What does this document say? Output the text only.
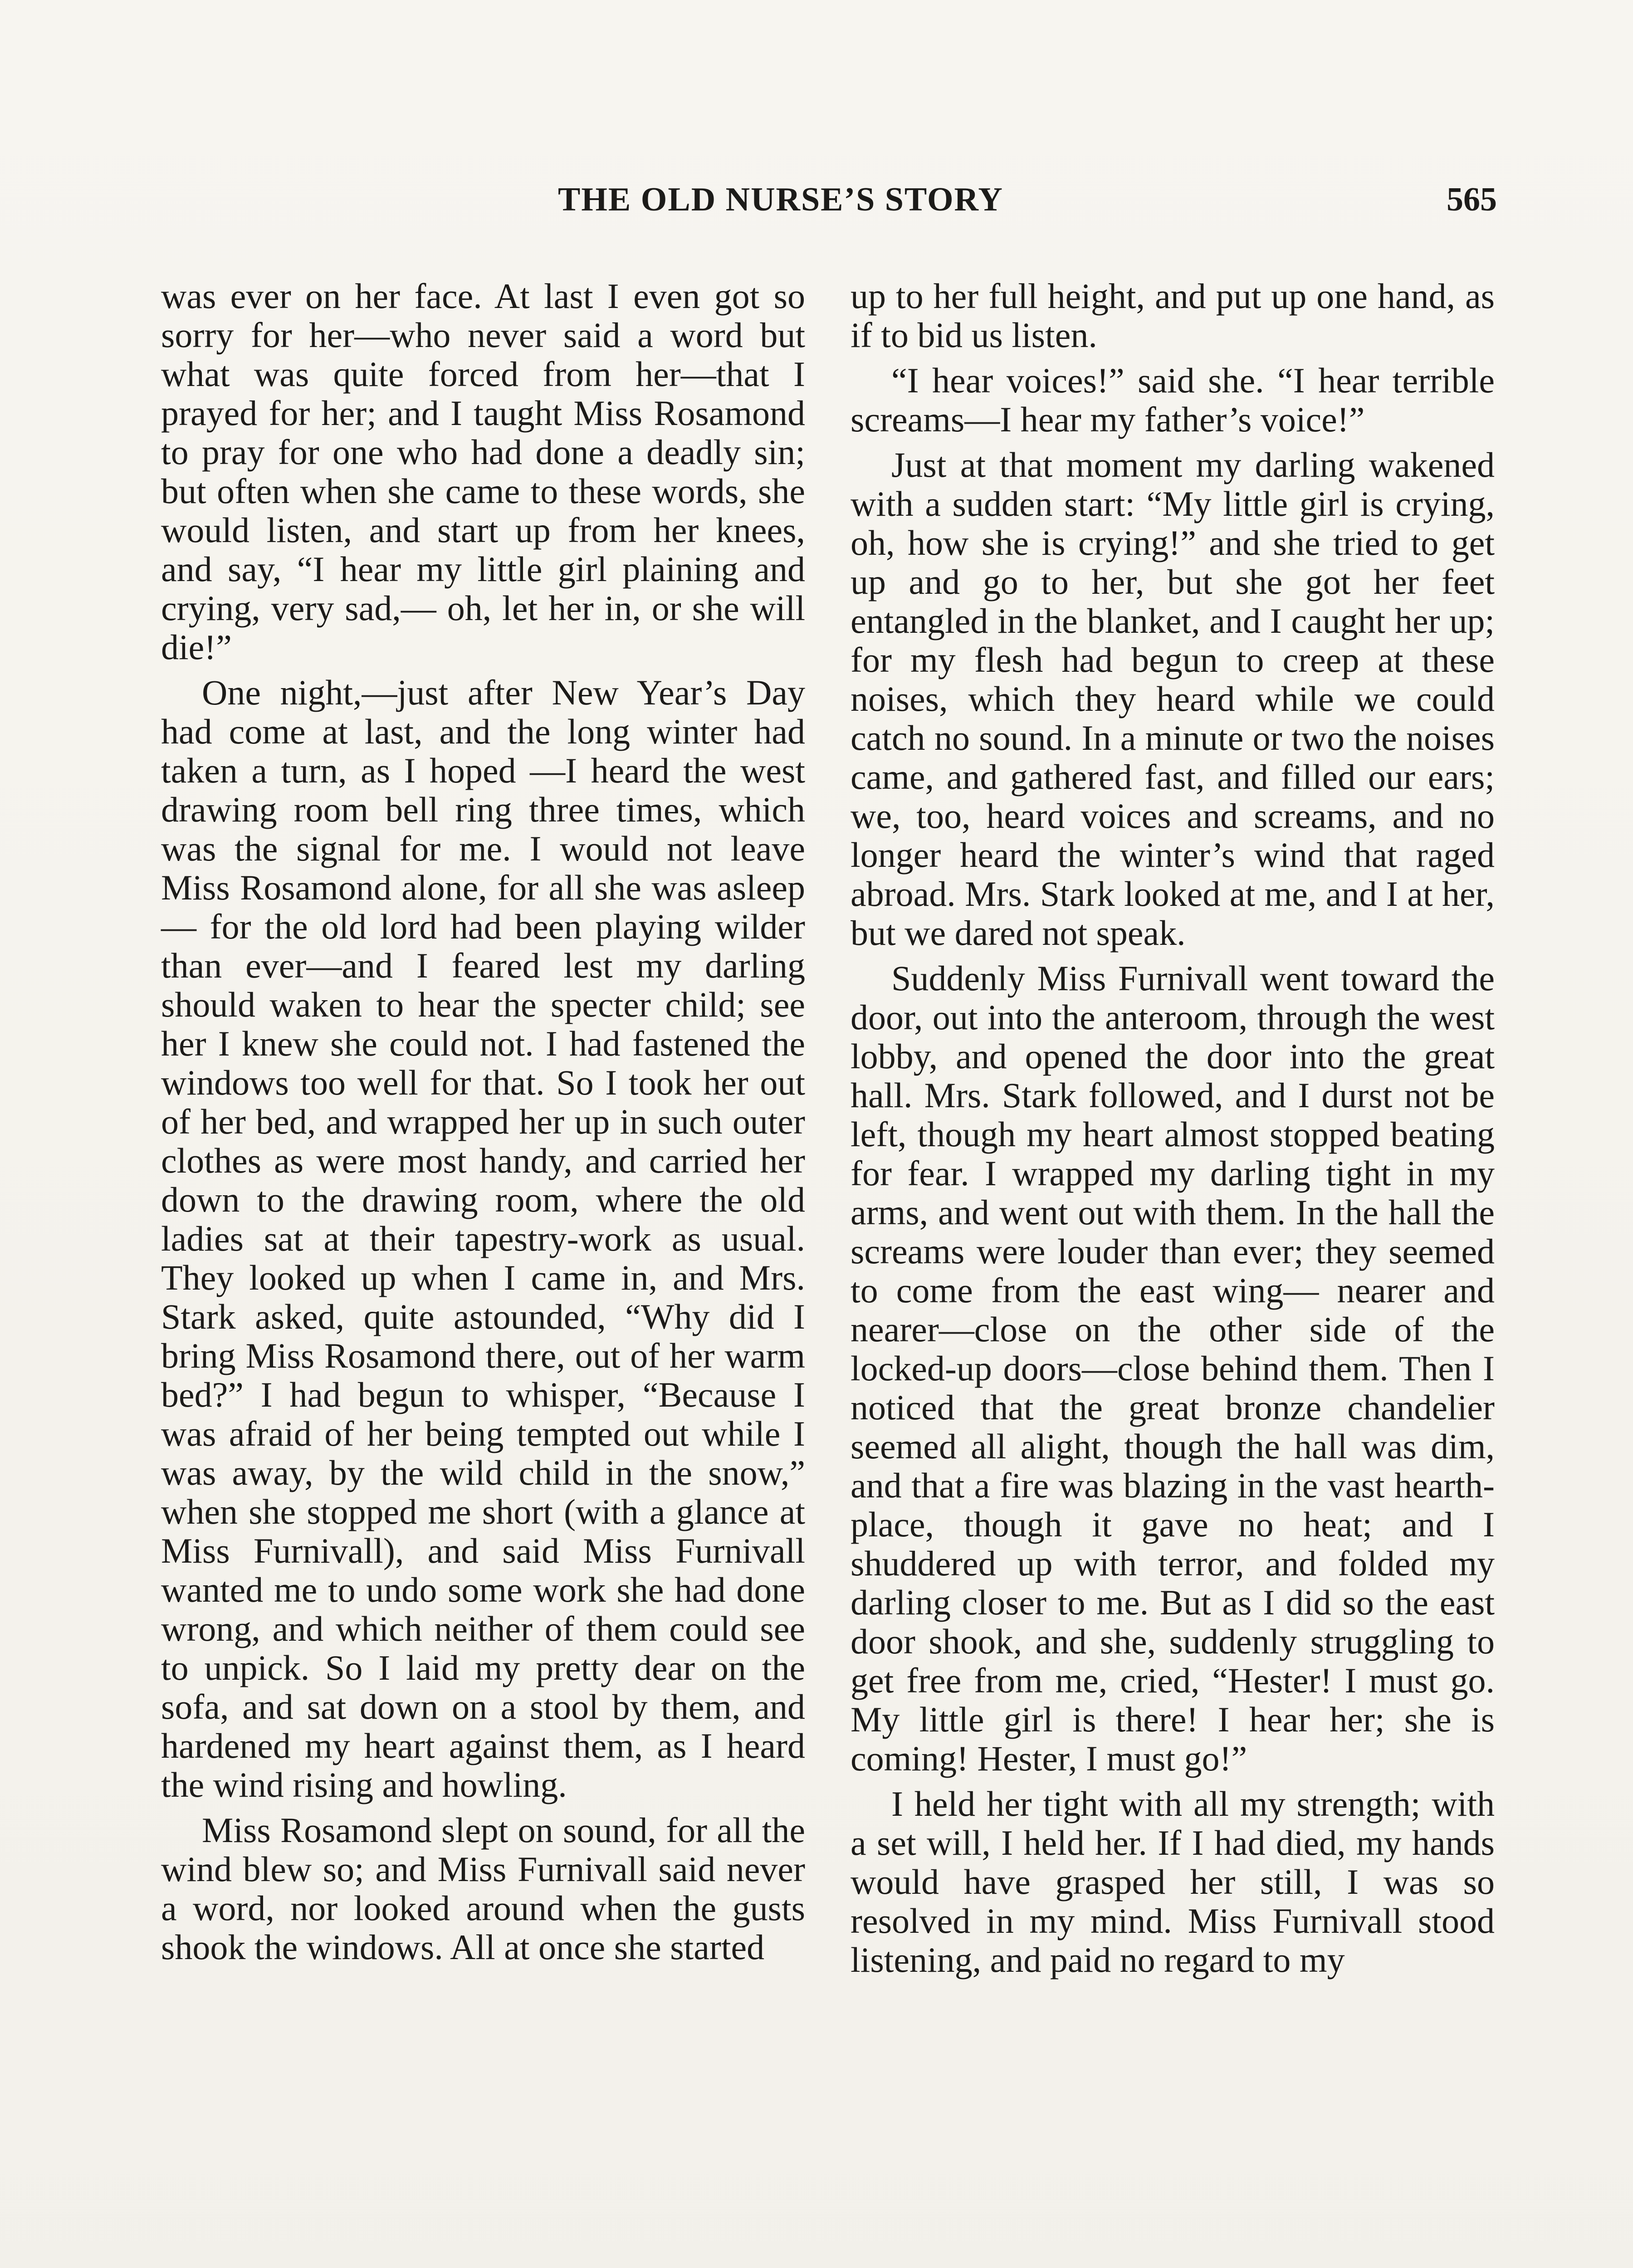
THE OLD NURSE’S STORY	565

was ever on her face. At last I even got so sorry for her—who never said a word but what was quite forced from her—that I prayed for her; and I taught Miss Rosamond to pray for one who had done a deadly sin; but often when she came to these words, she would listen, and start up from her knees, and say, “I hear my little girl plaining and crying, very sad,— oh, let her in, or she will die!”

One night,—just after New Year’s Day had come at last, and the long winter had taken a turn, as I hoped —I heard the west drawing room bell ring three times, which was the signal for me. I would not leave Miss Rosamond alone, for all she was asleep— for the old lord had been playing wilder than ever—and I feared lest my darling should waken to hear the specter child; see her I knew she could not. I had fastened the windows too well for that. So I took her out of her bed, and wrapped her up in such outer clothes as were most handy, and carried her down to the drawing room, where the old ladies sat at their tapestry-work as usual. They looked up when I came in, and Mrs. Stark asked, quite astounded, “Why did I bring Miss Rosamond there, out of her warm bed?” I had begun to whisper, “Because I was afraid of her being tempted out while I was away, by the wild child in the snow,” when she stopped me short (with a glance at Miss Furnivall), and said Miss Furnivall wanted me to undo some work she had done wrong, and which neither of them could see to unpick. So I laid my pretty dear on the sofa, and sat down on a stool by them, and hardened my heart against them, as I heard the wind rising and howling.

Miss Rosamond slept on sound, for all the wind blew so; and Miss Furnivall said never a word, nor looked around when the gusts shook the windows. All at once she started

up to her full height, and put up one hand, as if to bid us listen.

“I hear voices!” said she. “I hear terrible screams—I hear my father’s voice!”

Just at that moment my darling wakened with a sudden start: “My little girl is crying, oh, how she is crying!” and she tried to get up and go to her, but she got her feet entangled in the blanket, and I caught her up; for my flesh had begun to creep at these noises, which they heard while we could catch no sound. In a minute or two the noises came, and gathered fast, and filled our ears; we, too, heard voices and screams, and no longer heard the winter’s wind that raged abroad. Mrs. Stark looked at me, and I at her, but we dared not speak.

Suddenly Miss Furnivall went toward the door, out into the anteroom, through the west lobby, and opened the door into the great hall. Mrs. Stark followed, and I durst not be left, though my heart almost stopped beating for fear. I wrapped my darling tight in my arms, and went out with them. In the hall the screams were louder than ever; they seemed to come from the east wing— nearer and nearer—close on the other side of the locked-up doors—close behind them. Then I noticed that the great bronze chandelier seemed all alight, though the hall was dim, and that a fire was blazing in the vast hearth-place, though it gave no heat; and I shuddered up with terror, and folded my darling closer to me. But as I did so the east door shook, and she, suddenly struggling to get free from me, cried, “Hester! I must go. My little girl is there! I hear her; she is coming! Hester, I must go!”

I held her tight with all my strength; with a set will, I held her. If I had died, my hands would have grasped her still, I was so resolved in my mind. Miss Furnivall stood listening, and paid no regard to my
